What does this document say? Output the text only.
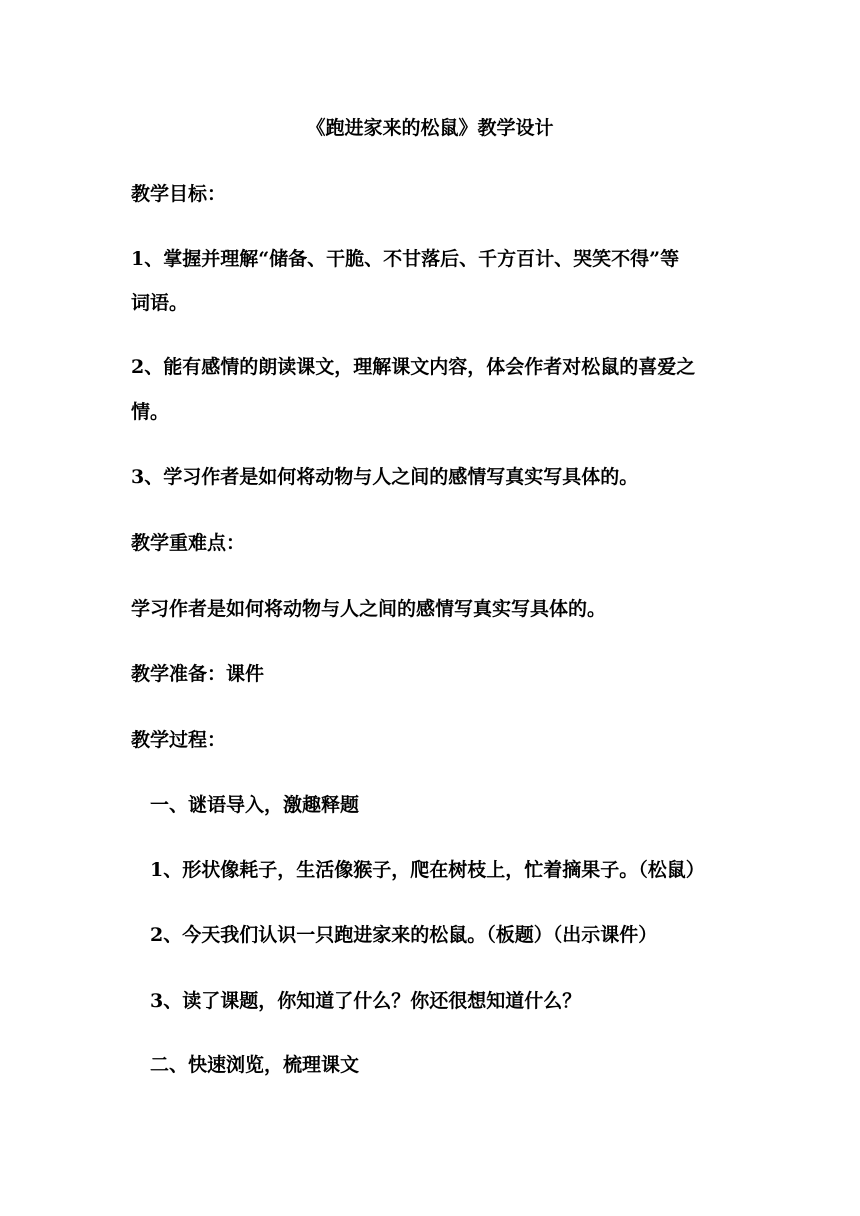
《跑进家来的松鼠》教学设计
教学目标：
1、掌握并理解“储备、干脆、不甘落后、千方百计、哭笑不得”等
词语。
2、能有感情的朗读课文，理解课文内容，体会作者对松鼠的喜爱之
情。
3、学习作者是如何将动物与人之间的感情写真实写具体的。
教学重难点：
学习作者是如何将动物与人之间的感情写真实写具体的。
教学准备：课件
教学过程：
一、谜语导入，激趣释题
1、形状像耗子，生活像猴子，爬在树枝上，忙着摘果子。（松鼠）
2、今天我们认识一只跑进家来的松鼠。（板题）（出示课件）
3、读了课题，你知道了什么？你还很想知道什么？
二、快速浏览，梳理课文
